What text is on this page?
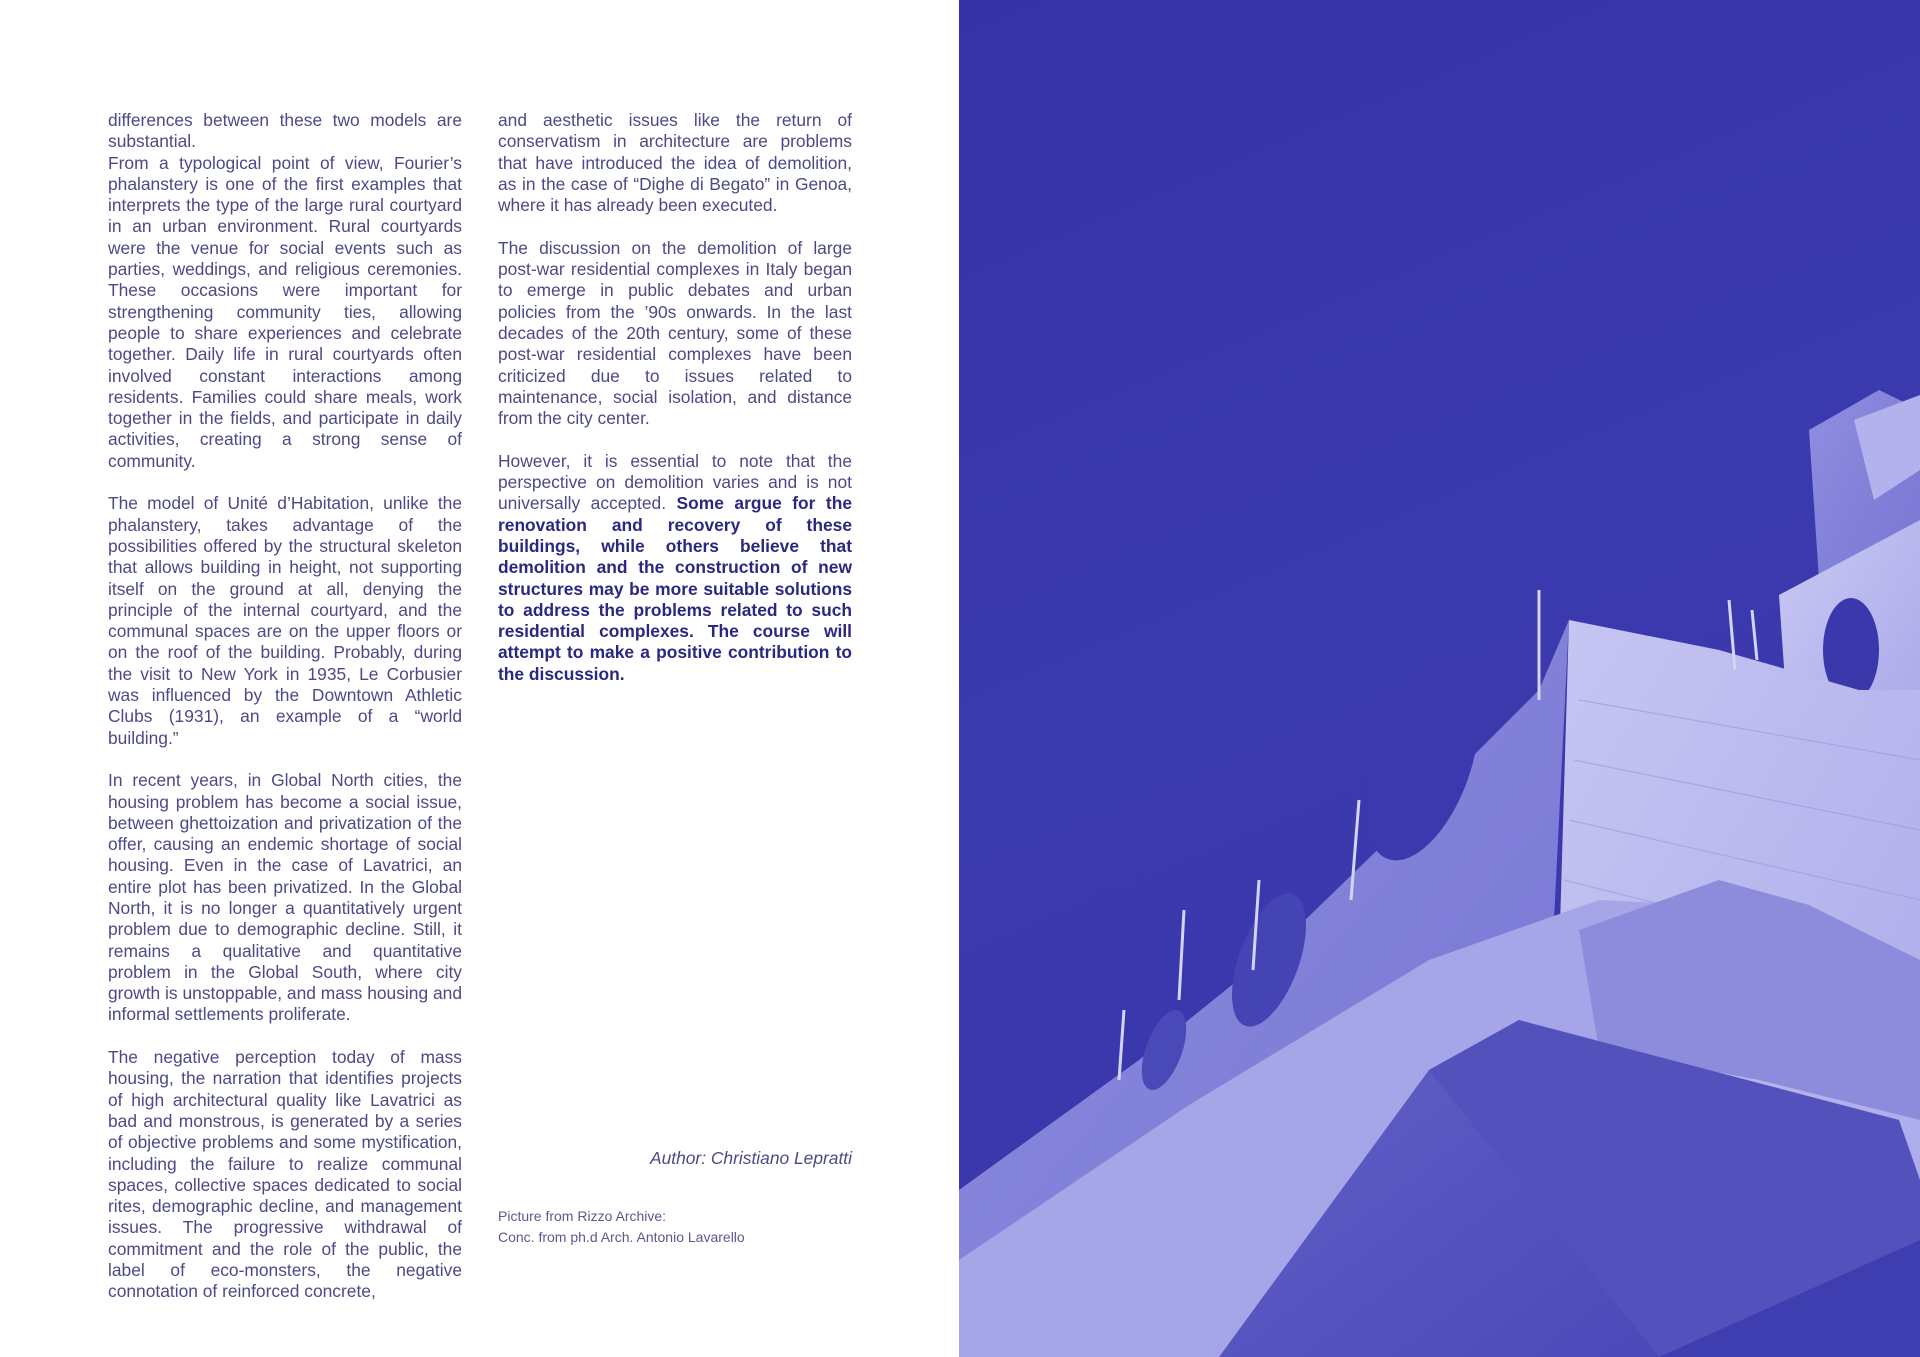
differences between these two models are substantial.

From a typological point of view, Fourier’s phalanstery is one of the first examples that interprets the type of the large rural courtyard in an urban environment. Rural courtyards were the venue for social events such as parties, weddings, and religious ceremonies. These occasions were important for strengthening community ties, allowing people to share experiences and celebrate together. Daily life in rural courtyards often involved constant interactions among residents. Families could share meals, work together in the fields, and participate in daily activities, creating a strong sense of community.

The model of Unité d’Habitation, unlike the phalanstery, takes advantage of the possibilities offered by the structural skeleton that allows building in height, not supporting itself on the ground at all, denying the principle of the internal courtyard, and the communal spaces are on the upper floors or on the roof of the building. Probably, during the visit to New York in 1935, Le Corbusier was influenced by the Downtown Athletic Clubs (1931), an example of a “world building.”

In recent years, in Global North cities, the housing problem has become a social issue, between ghettoization and privatization of the offer, causing an endemic shortage of social housing. Even in the case of Lavatrici, an entire plot has been privatized. In the Global North, it is no longer a quantitatively urgent problem due to demographic decline. Still, it remains a qualitative and quantitative problem in the Global South, where city growth is unstoppable, and mass housing and informal settlements proliferate.

The negative perception today of mass housing, the narration that identifies projects of high architectural quality like Lavatrici as bad and monstrous, is generated by a series of objective problems and some mystification, including the failure to realize communal spaces, collective spaces dedicated to social rites, demographic decline, and management issues. The progressive withdrawal of commitment and the role of the public, the label of eco-monsters, the negative connotation of reinforced concrete,

and aesthetic issues like the return of conservatism in architecture are problems that have introduced the idea of demolition, as in the case of “Dighe di Begato” in Genoa, where it has already been executed.

The discussion on the demolition of large post-war residential complexes in Italy began to emerge in public debates and urban policies from the ’90s onwards. In the last decades of the 20th century, some of these post-war residential complexes have been criticized due to issues related to maintenance, social isolation, and distance from the city center.

However, it is essential to note that the perspective on demolition varies and is not universally accepted. Some argue for the renovation and recovery of these buildings, while others believe that demolition and the construction of new structures may be more suitable solutions to address the problems related to such residential complexes. The course will attempt to make a positive contribution to the discussion.

Author: Christiano Lepratti
Picture from Rizzo Archive:
Conc. from ph.d Arch. Antonio Lavarello
